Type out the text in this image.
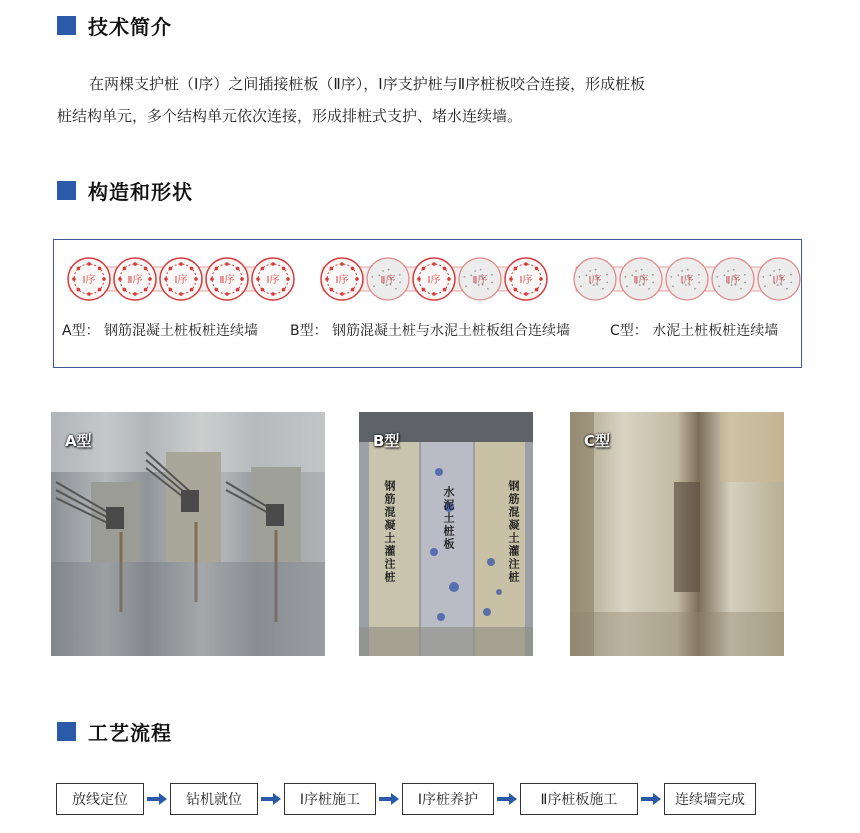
技术简介

在两棵支护桩（Ⅰ序）之间插接桩板（Ⅱ序），Ⅰ序支护桩与Ⅱ序桩板咬合连接，形成桩板

桩结构单元，多个结构单元依次连接，形成排桩式支护、堵水连续墙。
构造和形状
Ⅰ序	Ⅱ序	Ⅰ序	Ⅱ序	Ⅰ序	Ⅰ序	Ⅱ序	Ⅰ序	Ⅱ序	Ⅰ序	Ⅰ序	Ⅱ序	Ⅰ序	Ⅱ序	Ⅰ序
A型： 钢筋混凝土桩板桩连续墙 B型： 钢筋混凝土桩与水泥土桩板组合连续墙	C型： 水泥土桩板桩连续墙
A型	B型
钢筋混凝土灌注桩	水泥土桩板	钢筋混凝土灌注桩
C型
工艺流程
放线定位	钻机就位	Ⅰ序桩施工	Ⅰ序桩养护	Ⅱ序桩板施工	连续墙完成
